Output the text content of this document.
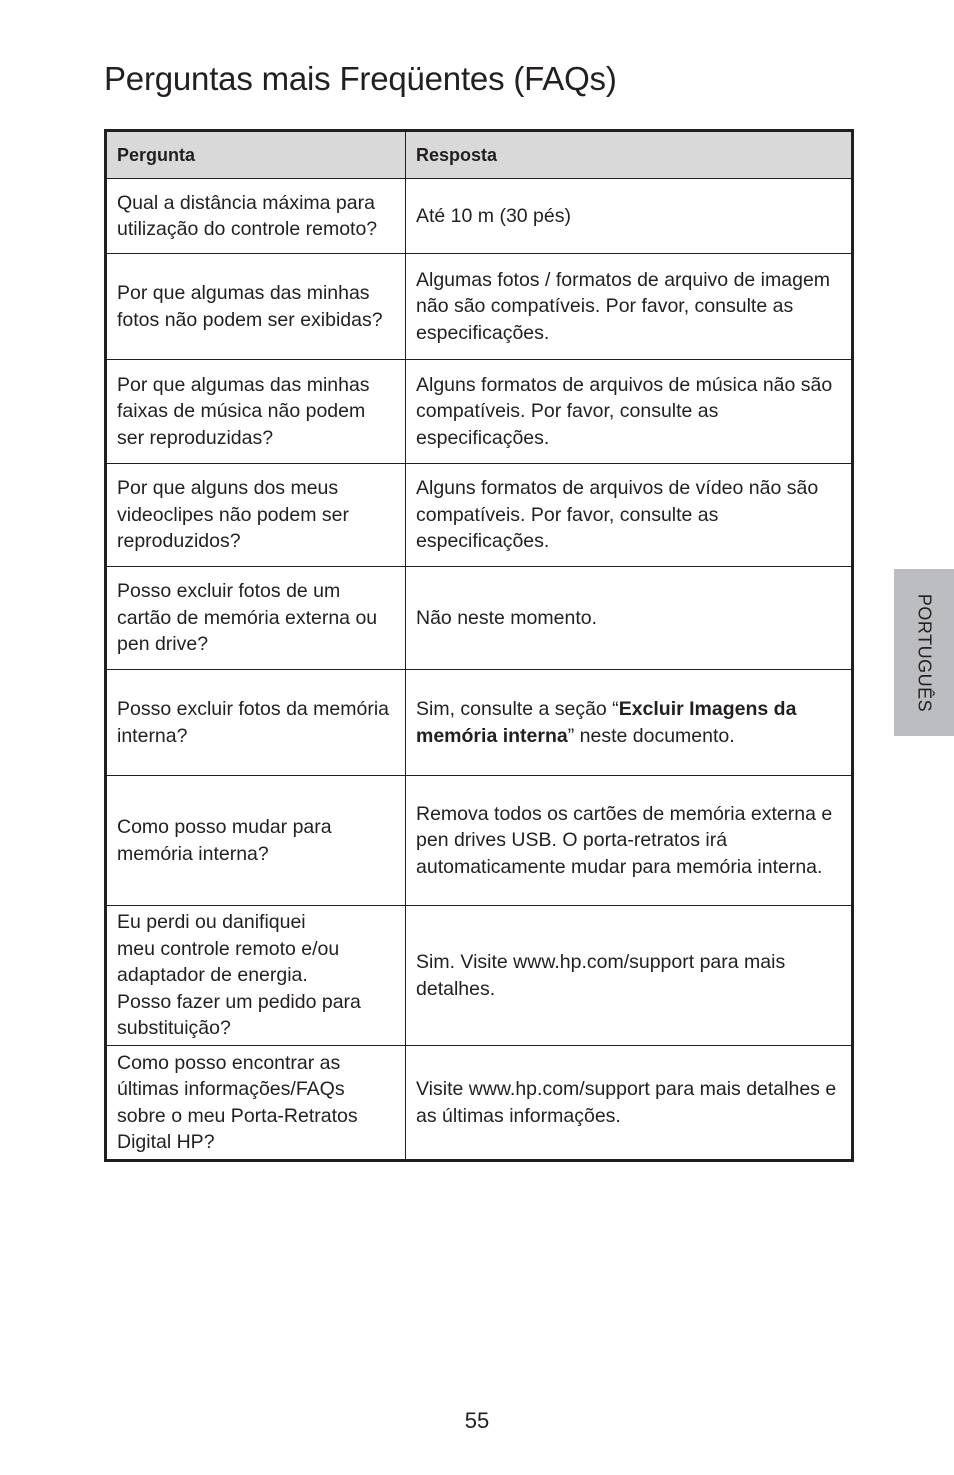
Perguntas mais Freqüentes (FAQs)
Pergunta	Resposta
Qual a distância máxima para utilização do controle remoto?	Até 10 m (30 pés)
Por que algumas das minhas fotos não podem ser exibidas?	Algumas fotos / formatos de arquivo de imagem não são compatíveis. Por favor, consulte as especificações.
Por que algumas das minhas faixas de música não podem ser reproduzidas?	Alguns formatos de arquivos de música não são compatíveis. Por favor, consulte as especificações.
Por que alguns dos meus videoclipes não podem ser reproduzidos?	Alguns formatos de arquivos de vídeo não são compatíveis. Por favor, consulte as especificações.
Posso excluir fotos de um cartão de memória externa ou pen drive?	Não neste momento.
Posso excluir fotos da memória interna?	Sim, consulte a seção “Excluir Imagens da memória interna” neste documento.
Como posso mudar para memória interna?	Remova todos os cartões de memória externa e pen drives USB. O porta-retratos irá automaticamente mudar para memória interna.

Eu perdi ou danifiquei
meu controle remoto e/ou
adaptador de energia.
Posso fazer um pedido para
substituição?	Sim. Visite www.hp.com/support para mais detalhes.
Como posso encontrar as últimas informações/FAQs sobre o meu Porta-Retratos Digital HP?	Visite www.hp.com/support para mais detalhes e as últimas informações.
PORTUGUÊS
55
